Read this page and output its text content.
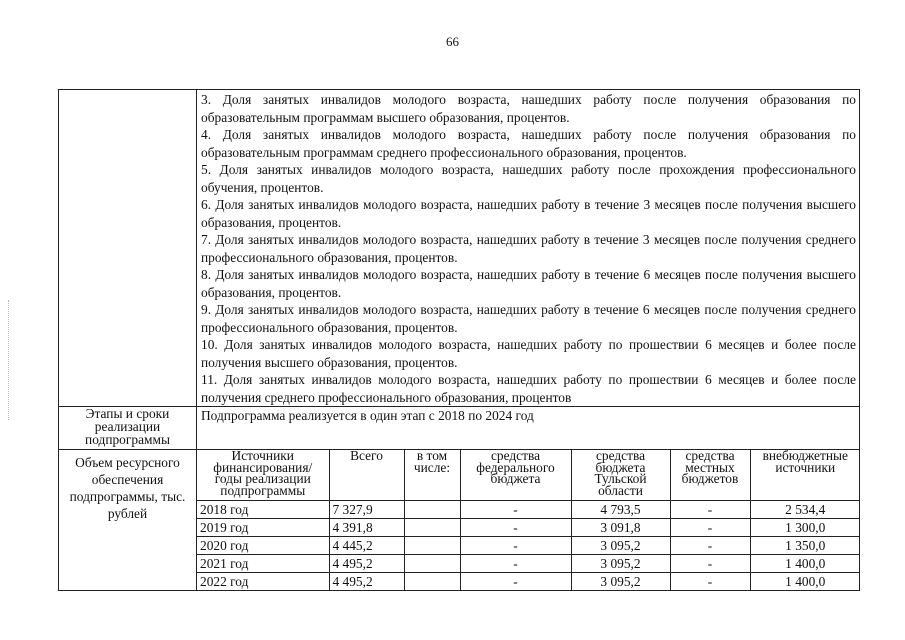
66

3. Доля занятых инвалидов молодого возраста, нашедших работу после получения образования по образовательным программам высшего образования, процентов.
4. Доля занятых инвалидов молодого возраста, нашедших работу после получения образования по образовательным программам среднего профессионального образования, процентов.
5. Доля занятых инвалидов молодого возраста, нашедших работу после прохождения профессионального обучения, процентов.
6. Доля занятых инвалидов молодого возраста, нашедших работу в течение 3 месяцев после получения высшего образования, процентов.
7. Доля занятых инвалидов молодого возраста, нашедших работу в течение 3 месяцев после получения среднего профессионального образования, процентов.
8. Доля занятых инвалидов молодого возраста, нашедших работу в течение 6 месяцев после получения высшего образования, процентов.
9. Доля занятых инвалидов молодого возраста, нашедших работу в течение 6 месяцев после получения среднего профессионального образования, процентов.
10. Доля занятых инвалидов молодого возраста, нашедших работу по прошествии 6 месяцев и более после получения высшего образования, процентов.
11. Доля занятых инвалидов молодого возраста, нашедших работу по прошествии 6 месяцев и более после получения среднего профессионального образования, процентов

Этапы и сроки реализации подпрограммы	
Подпрограмма реализуется в один этап с 2018 по 2024 год

Объем ресурсного обеспечения подпрограммы, тыс. рублей	
Источники финансирования/ годы реализации подпрограммы	Всего	в том числе:	средства федерального бюджета	средства бюджета Тульской области	средства местных бюджетов	внебюджетные источники
2018 год	7 327,9		-	4 793,5	-	2 534,4
2019 год	4 391,8		-	3 091,8	-	1 300,0
2020 год	4 445,2		-	3 095,2	-	1 350,0
2021 год	4 495,2		-	3 095,2	-	1 400,0
2022 год	4 495,2		-	3 095,2	-	1 400,0
